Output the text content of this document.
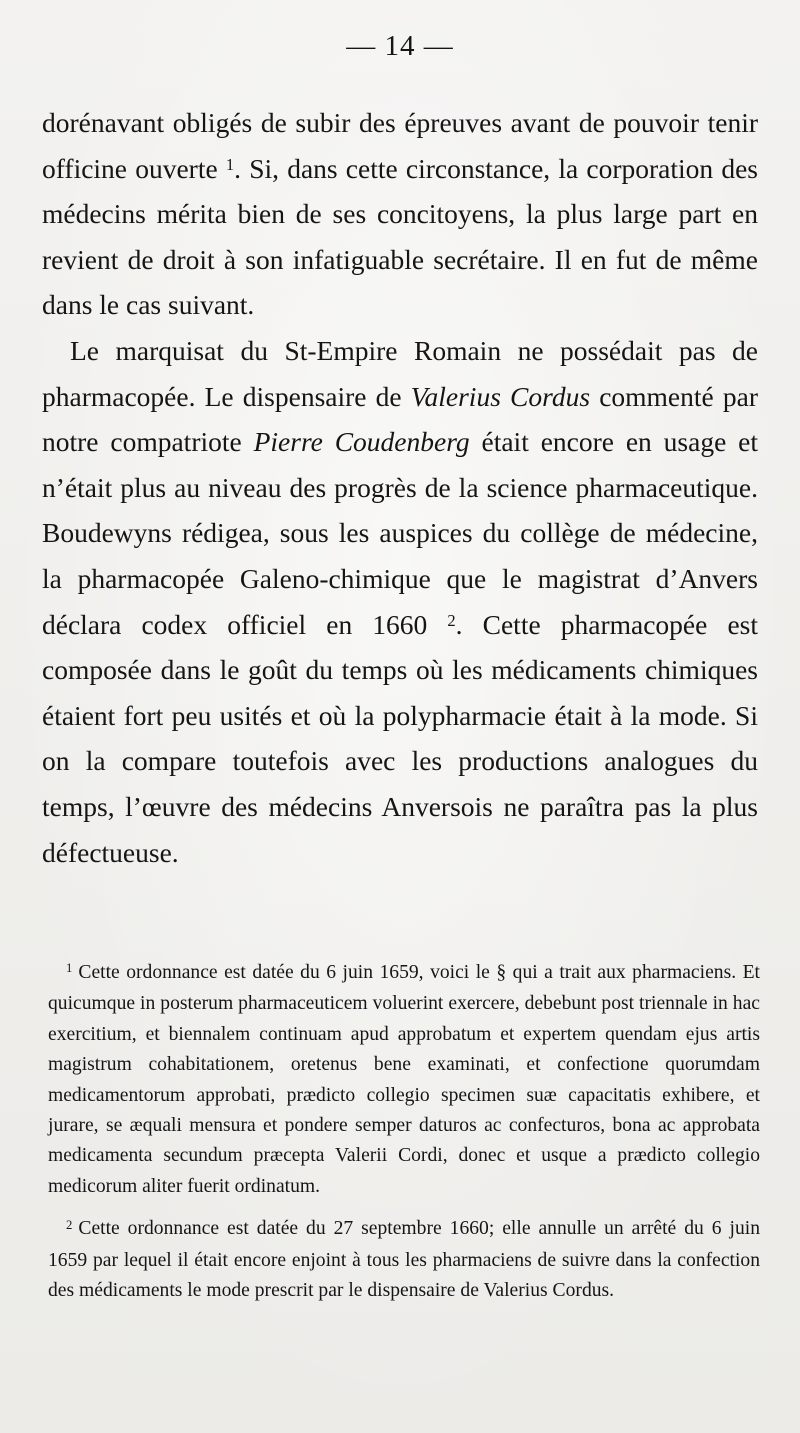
— 14 —

dorénavant obligés de subir des épreuves avant de pouvoir tenir officine ouverte $^1$. Si, dans cette circonstance, la corporation des médecins mérita bien de ses concitoyens, la plus large part en revient de droit à son infatiguable secrétaire. Il en fut de même dans le cas suivant.

Le marquisat du St-Empire Romain ne possédait pas de pharmacopée. Le dispensaire de Valerius Cordus commenté par notre compatriote Pierre Coudenberg était encore en usage et n’était plus au niveau des progrès de la science pharmaceutique. Boudewyns rédigea, sous les auspices du collège de médecine, la pharmacopée Galeno-chimique que le magistrat d’Anvers déclara codex officiel en 1660 $^2$. Cette pharmacopée est composée dans le goût du temps où les médicaments chimiques étaient fort peu usités et où la polypharmacie était à la mode. Si on la compare toutefois avec les productions analogues du temps, l’œuvre des médecins Anversois ne paraîtra pas la plus défectueuse.

$^1$ Cette ordonnance est datée du 6 juin 1659, voici le § qui a trait aux pharmaciens. Et quicumque in posterum pharmaceuticem voluerint exercere, debebunt post triennale in hac exercitium, et biennalem continuam apud approbatum et expertem quendam ejus artis magistrum cohabitationem, oretenus bene examinati, et confectione quorumdam medicamentorum approbati, prædicto collegio specimen suæ capacitatis exhibere, et jurare, se æquali mensura et pondere semper daturos ac confecturos, bona ac approbata medicamenta secundum præcepta Valerii Cordi, donec et usque a prædicto collegio medicorum aliter fuerit ordinatum.

$^2$ Cette ordonnance est datée du 27 septembre 1660; elle annulle un arrêté du 6 juin 1659 par lequel il était encore enjoint à tous les pharmaciens de suivre dans la confection des médicaments le mode prescrit par le dispensaire de Valerius Cordus.
